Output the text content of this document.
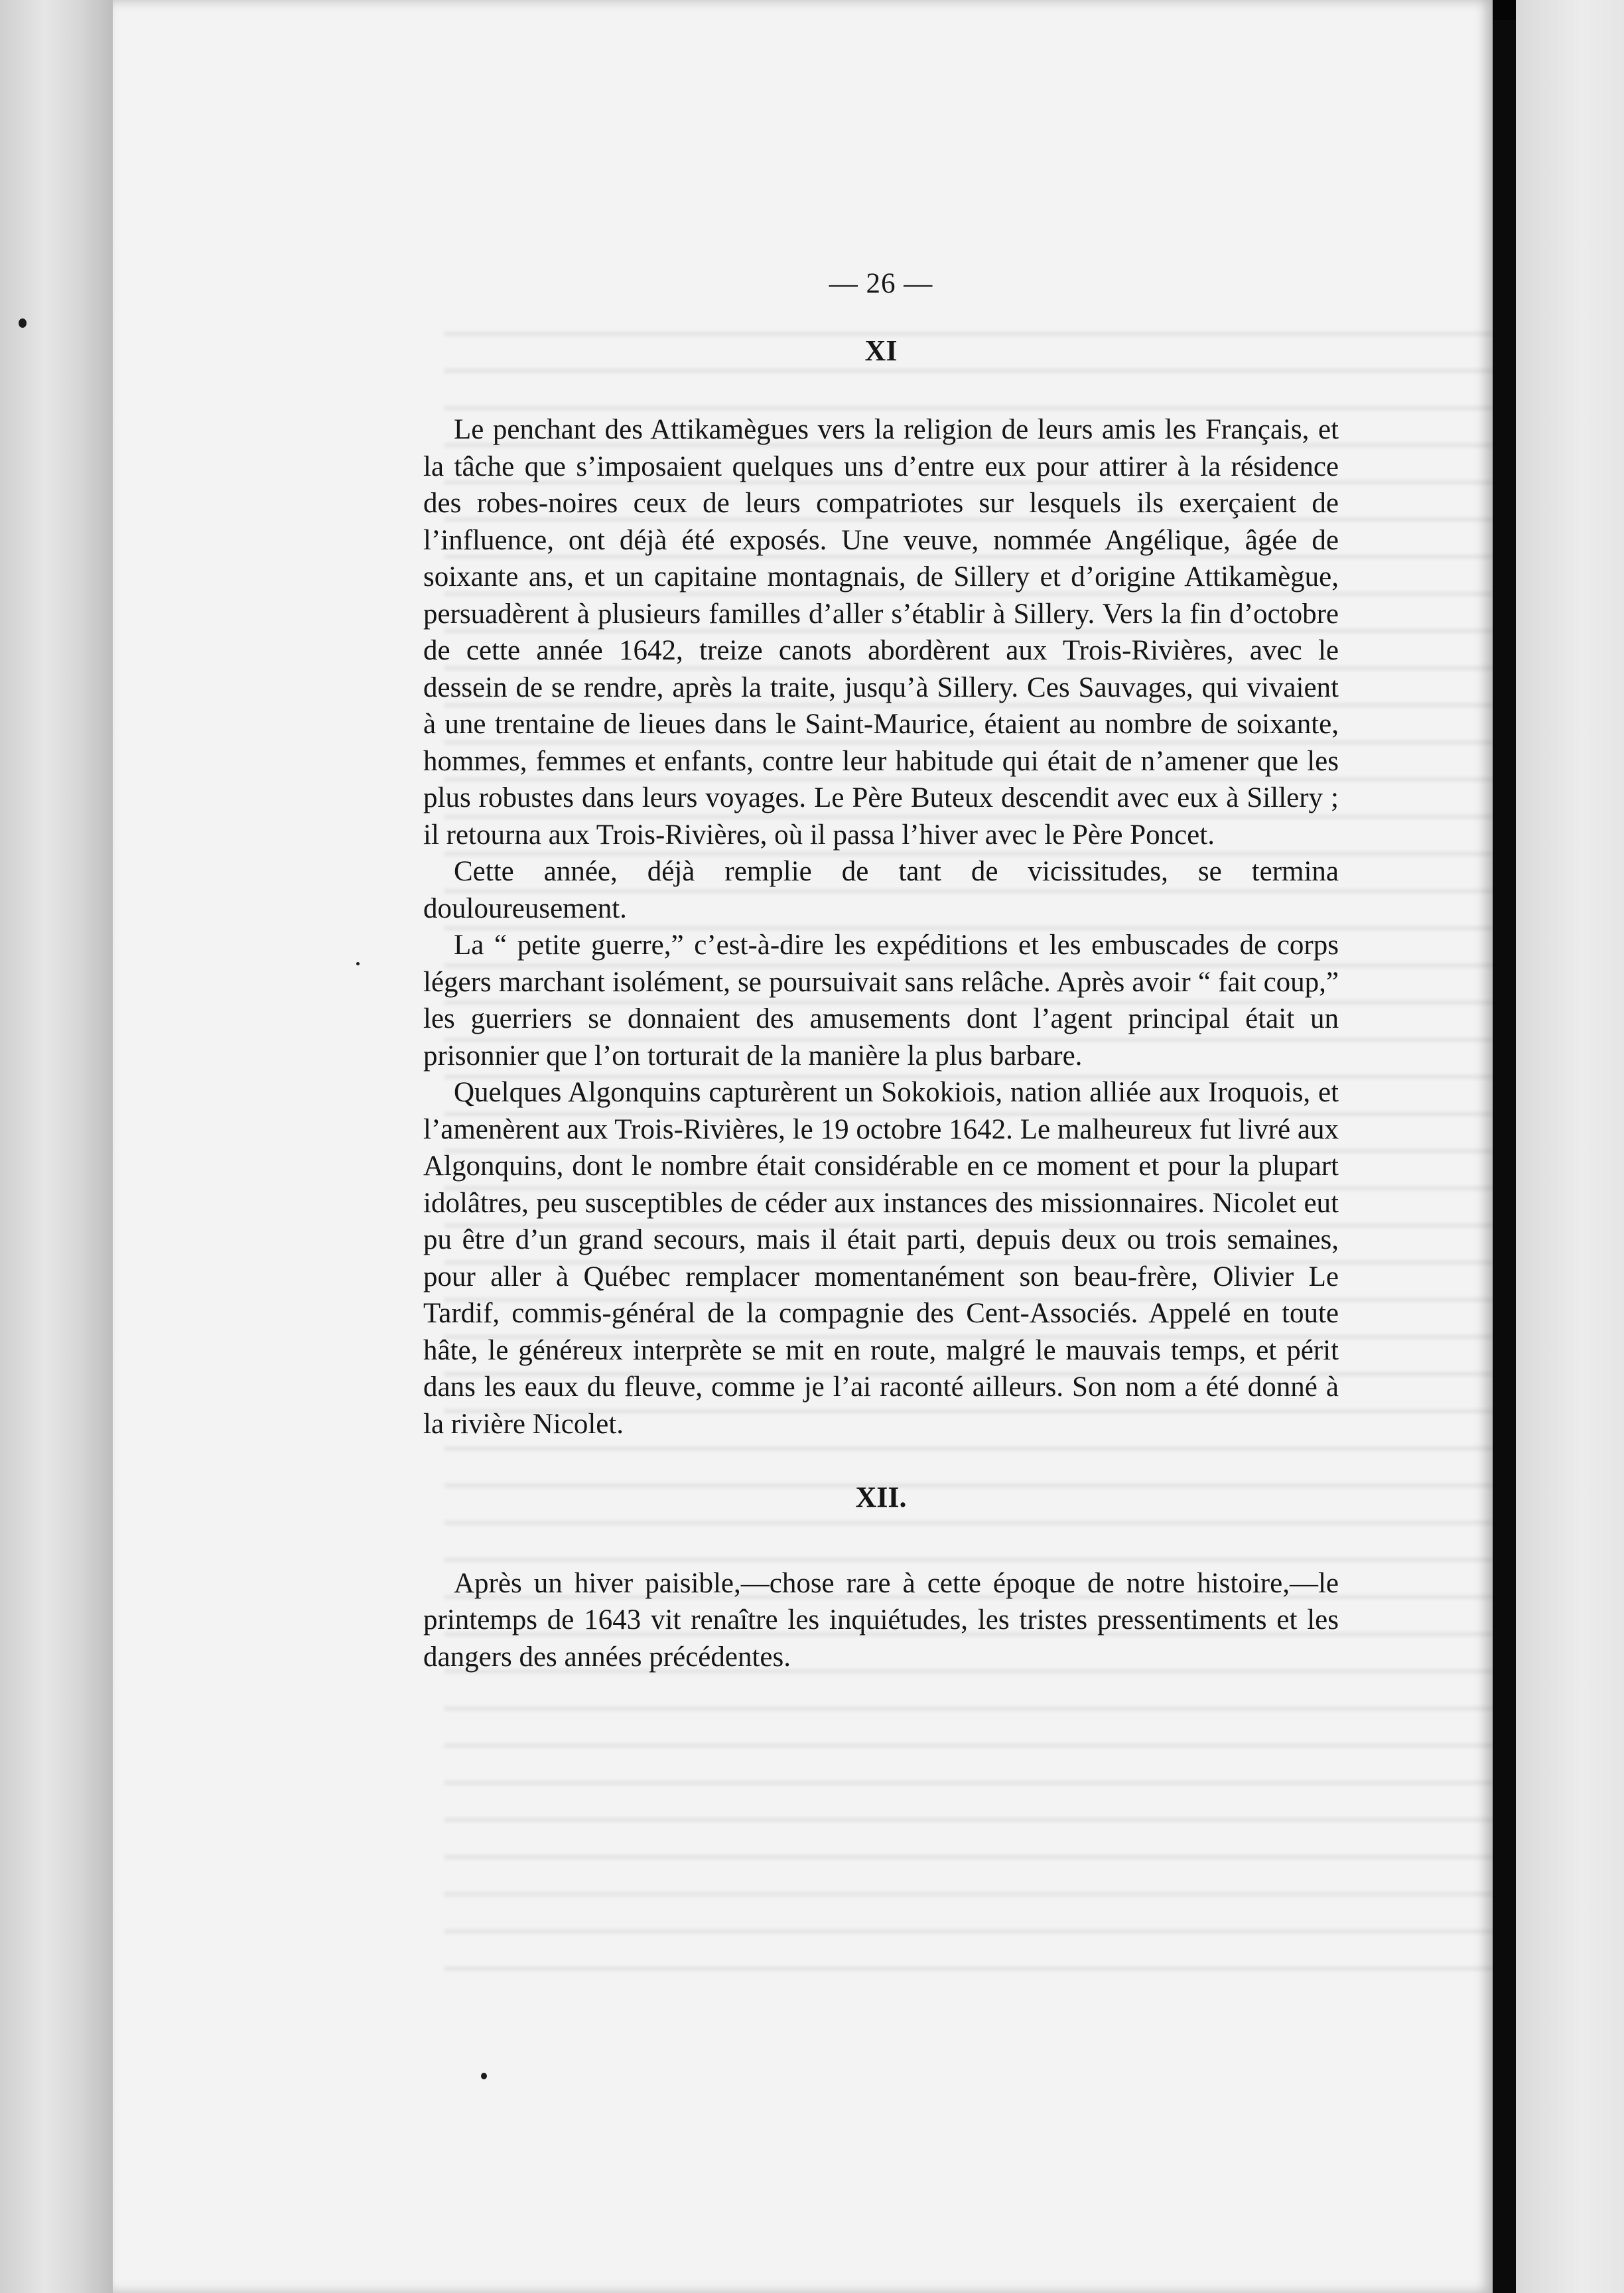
— 26 —
XI

Le penchant des Attikamègues vers la religion de leurs amis les Français, et la tâche que s’imposaient quelques uns d’entre eux pour attirer à la résidence des robes-noires ceux de leurs compatriotes sur lesquels ils exerçaient de l’influence, ont déjà été exposés. Une veuve, nommée Angélique, âgée de soixante ans, et un capitaine montagnais, de Sillery et d’origine Attikamègue, persuadèrent à plusieurs familles d’aller s’établir à Sillery. Vers la fin d’octobre de cette année 1642, treize canots abordèrent aux Trois-Rivières, avec le dessein de se rendre, après la traite, jusqu’à Sillery. Ces Sauvages, qui vivaient à une trentaine de lieues dans le Saint-Maurice, étaient au nombre de soixante, hommes, femmes et enfants, contre leur habitude qui était de n’amener que les plus robustes dans leurs voyages. Le Père Buteux descendit avec eux à Sillery ; il retourna aux Trois-Rivières, où il passa l’hiver avec le Père Poncet.

Cette année, déjà remplie de tant de vicissitudes, se termina douloureusement.

La “ petite guerre,” c’est-à-dire les expéditions et les embuscades de corps légers marchant isolément, se poursuivait sans relâche. Après avoir “ fait coup,” les guerriers se donnaient des amusements dont l’agent principal était un prisonnier que l’on torturait de la manière la plus barbare.

Quelques Algonquins capturèrent un Sokokiois, nation alliée aux Iroquois, et l’amenèrent aux Trois-Rivières, le 19 octobre 1642. Le malheureux fut livré aux Algonquins, dont le nombre était considérable en ce moment et pour la plupart idolâtres, peu susceptibles de céder aux instances des missionnaires. Nicolet eut pu être d’un grand secours, mais il était parti, depuis deux ou trois semaines, pour aller à Québec remplacer momentanément son beau-frère, Olivier Le Tardif, commis-général de la compagnie des Cent-Associés. Appelé en toute hâte, le généreux interprète se mit en route, malgré le mauvais temps, et périt dans les eaux du fleuve, comme je l’ai raconté ailleurs. Son nom a été donné à la rivière Nicolet.

XII.

Après un hiver paisible,—chose rare à cette époque de notre histoire,—le printemps de 1643 vit renaître les inquiétudes, les tristes pressentiments et les dangers des années précédentes.
